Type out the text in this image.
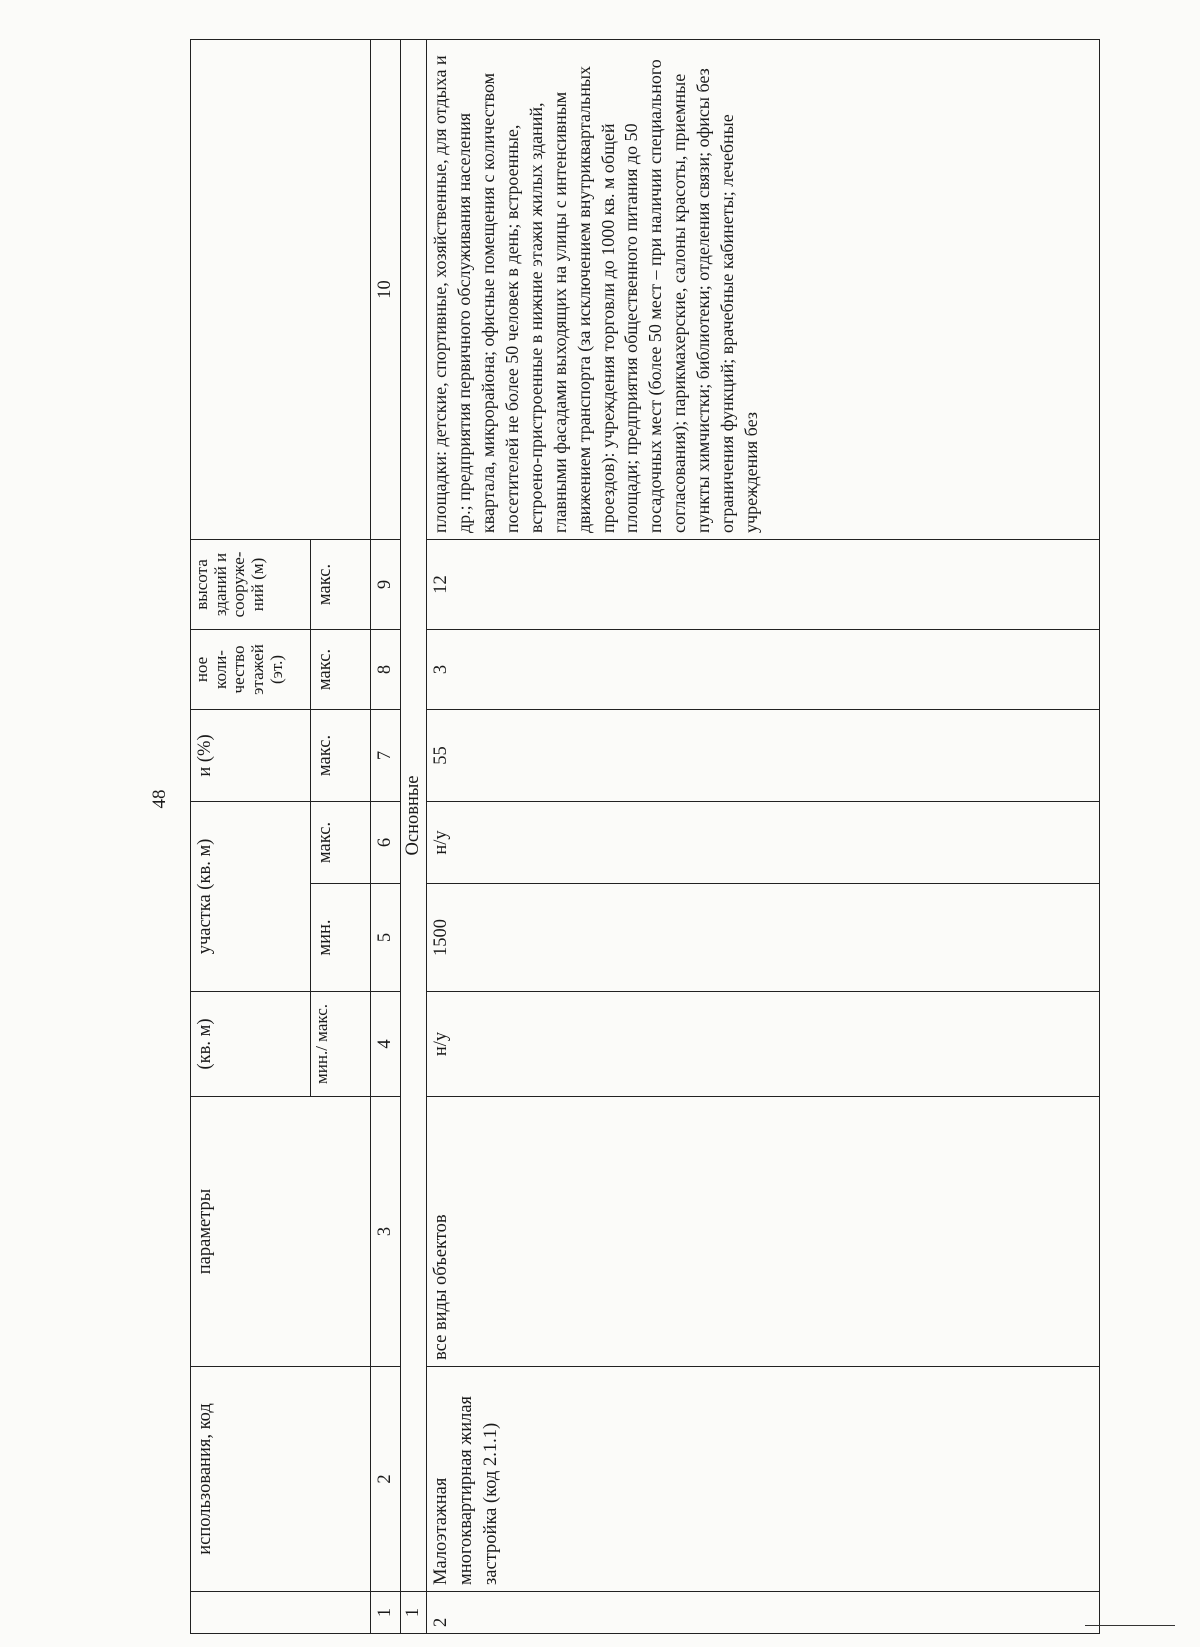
48
	использования, код	параметры	(кв. м)	участка (кв. м)		и (%)	ное коли-чество этажей (эт.)	высота зданий и сооруже-ний (м)	
			мин./ макс.	мин.	макс.	макс.	макс.	макс.	
1	2	3	4	5	6	7	8	9	10
1	Основные								
2	Малоэтажная многоквартирная жилая застройка (код 2.1.1)	все виды объектов	н/у	1500	н/у	55	3	12	площадки: детские, спортивные, хозяйственные, для отдыха и др.; предприятия первичного обслуживания населения квартала, микрорайона; офисные помещения с количеством посетителей не более 50 человек в день; встроенные, встроено-пристроенные в нижние этажи жилых зданий, главными фасадами выходящих на улицы с интенсивным движением транспорта (за исключением внутриквартальных проездов): учреждения торговли до 1000 кв. м общей площади; предприятия общественного питания до 50 посадочных мест (более 50 мест – при наличии специального согласования); парикмахерские, салоны красоты, приемные пункты химчистки; библиотеки; отделения связи; офисы без ограничения функций; врачебные кабинеты; лечебные учреждения без
